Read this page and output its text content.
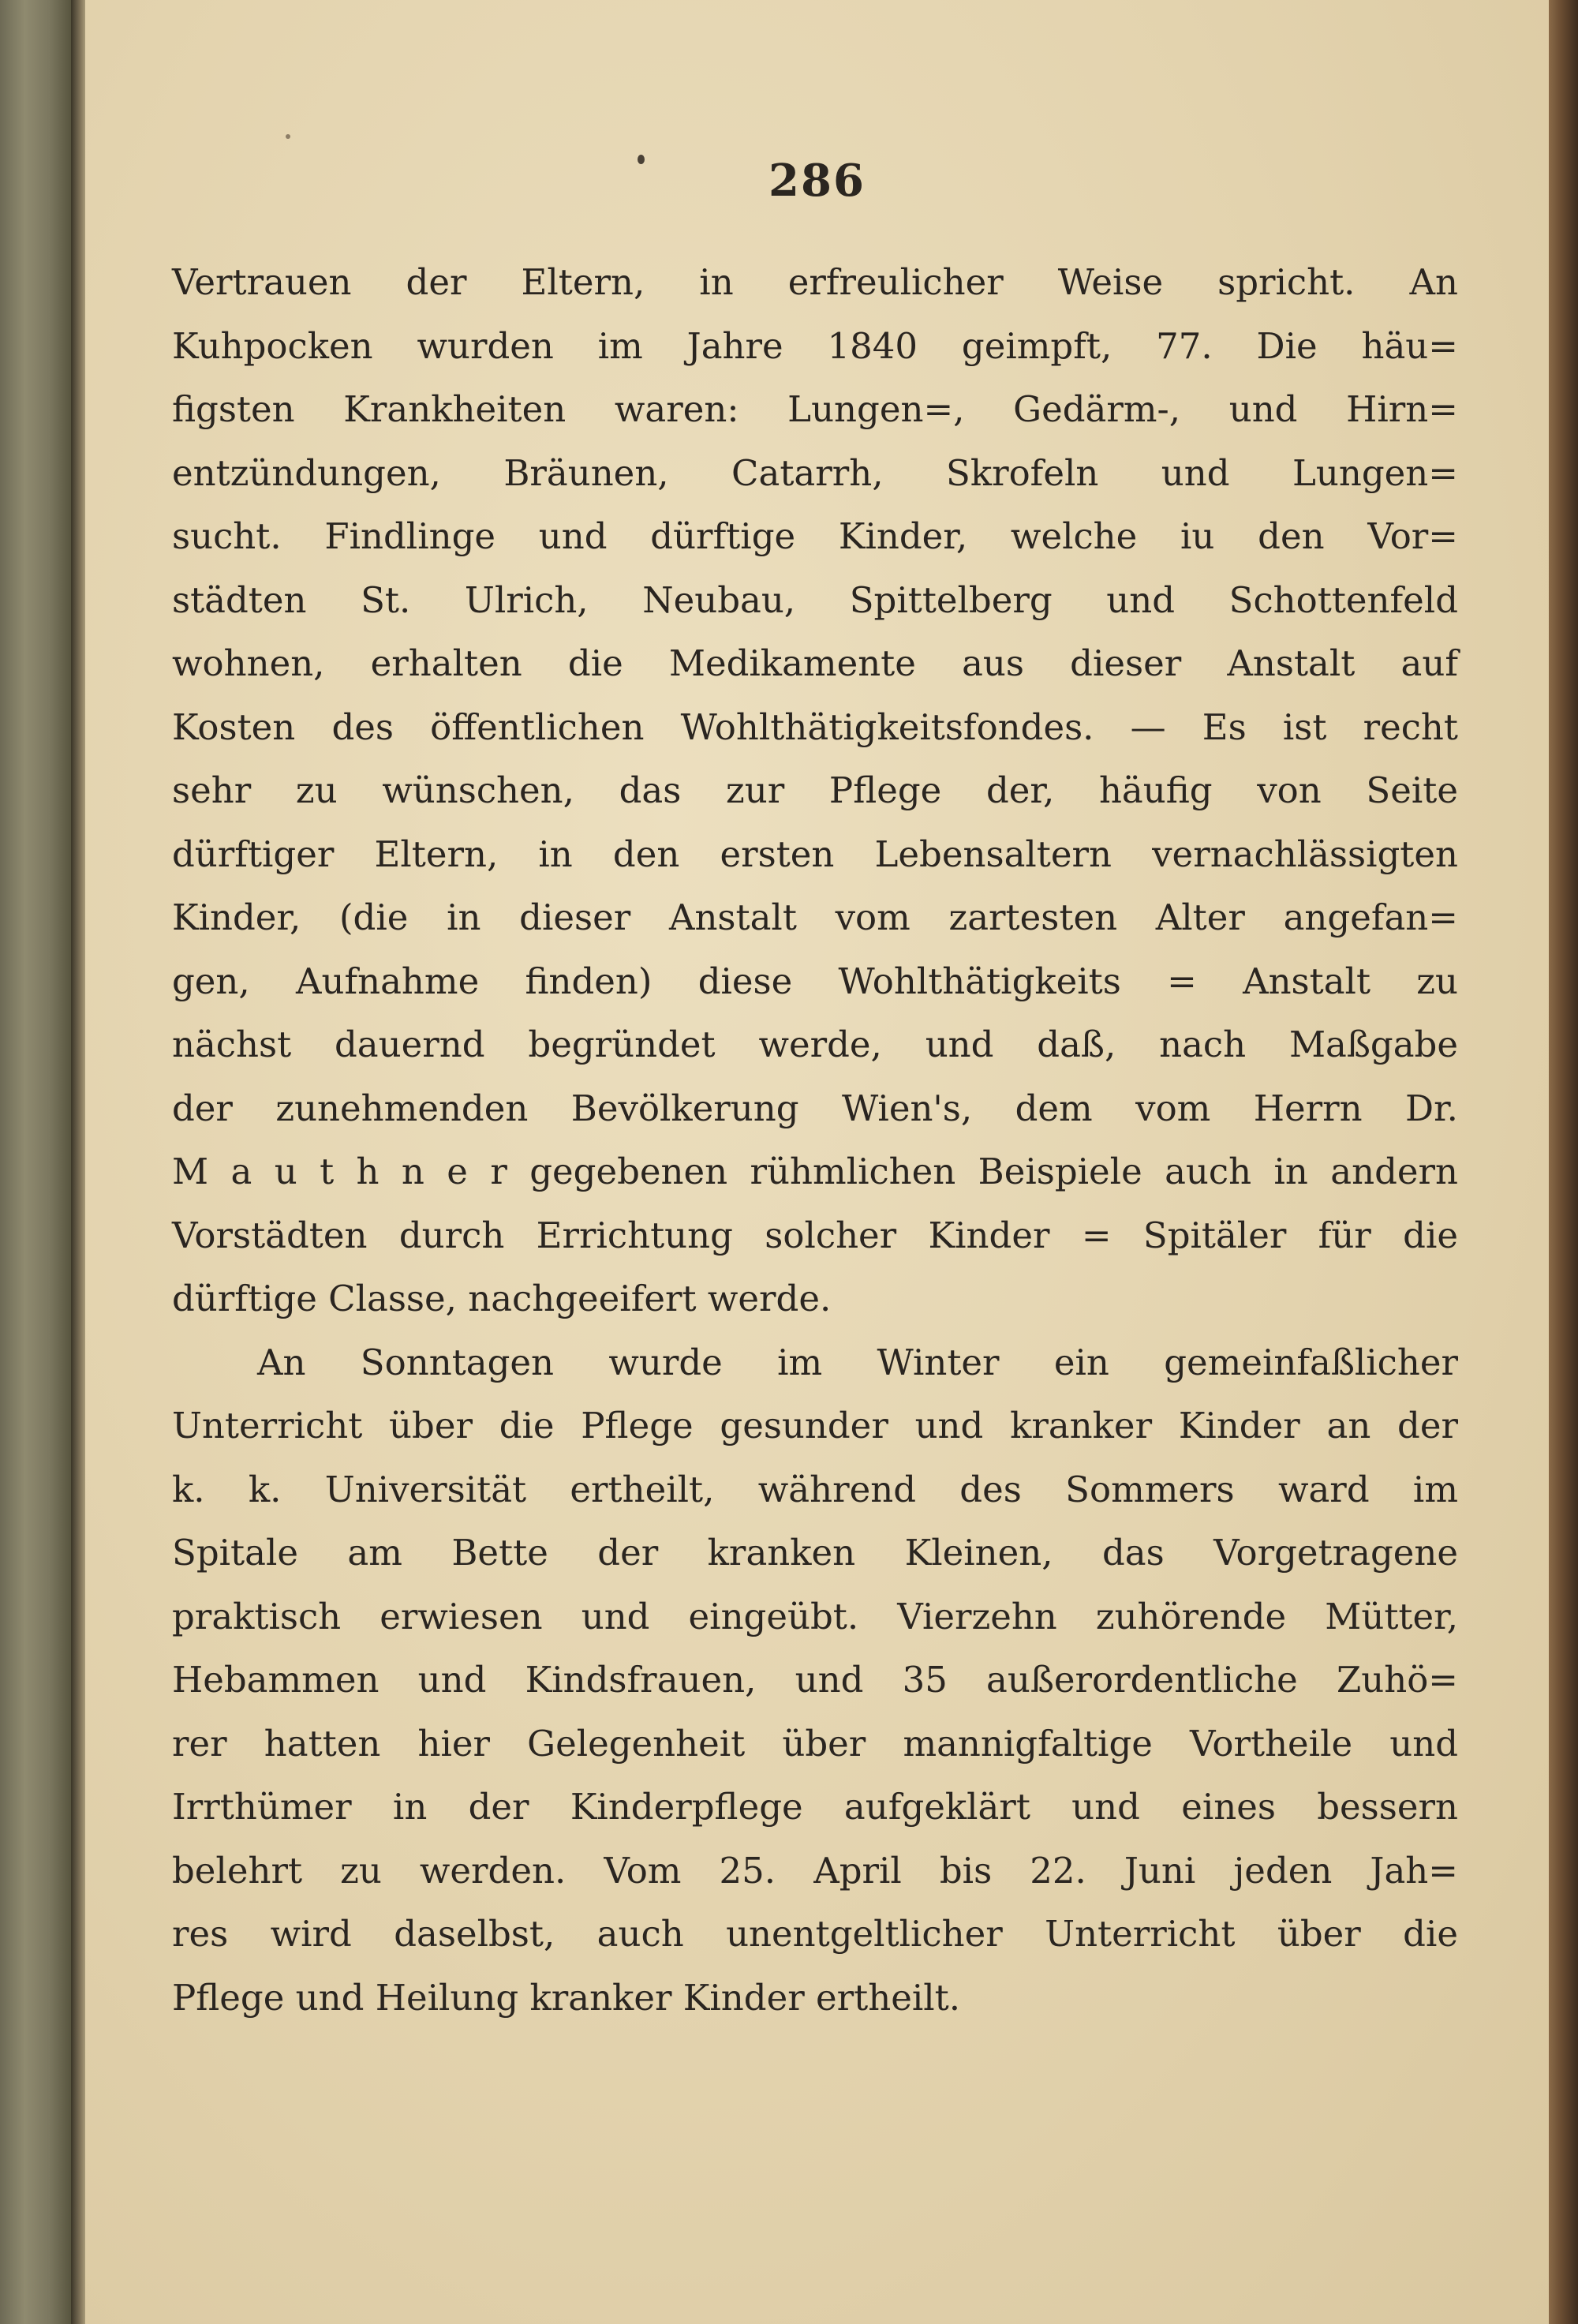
286
Vertrauen der Eltern, in erfreulicher Weise spricht. An
Kuhpocken wurden im Jahre 1840 geimpft, 77. Die häu=
figsten Krankheiten waren: Lungen=, Gedärm-, und Hirn=
entzündungen, Bräunen, Catarrh, Skrofeln und Lungen=
sucht. Findlinge und dürftige Kinder, welche iu den Vor=
städten St. Ulrich, Neubau, Spittelberg und Schottenfeld
wohnen, erhalten die Medikamente aus dieser Anstalt auf
Kosten des öffentlichen Wohlthätigkeitsfondes. — Es ist recht
sehr zu wünschen, das zur Pflege der, häufig von Seite
dürftiger Eltern, in den ersten Lebensaltern vernachlässigten
Kinder, (die in dieser Anstalt vom zartesten Alter angefan=
gen, Aufnahme finden) diese Wohlthätigkeits = Anstalt zu
nächst dauernd begründet werde, und daß, nach Maßgabe
der zunehmenden Bevölkerung Wien's, dem vom Herrn Dr.
M a u t h n e r gegebenen rühmlichen Beispiele auch in andern
Vorstädten durch Errichtung solcher Kinder = Spitäler für die
dürftige Classe, nachgeeifert werde.
An Sonntagen wurde im Winter ein gemeinfaßlicher
Unterricht über die Pflege gesunder und kranker Kinder an der
k. k. Universität ertheilt, während des Sommers ward im
Spitale am Bette der kranken Kleinen, das Vorgetragene
praktisch erwiesen und eingeübt. Vierzehn zuhörende Mütter,
Hebammen und Kindsfrauen, und 35 außerordentliche Zuhö=
rer hatten hier Gelegenheit über mannigfaltige Vortheile und
Irrthümer in der Kinderpflege aufgeklärt und eines bessern
belehrt zu werden. Vom 25. April bis 22. Juni jeden Jah=
res wird daselbst, auch unentgeltlicher Unterricht über die
Pflege und Heilung kranker Kinder ertheilt.
